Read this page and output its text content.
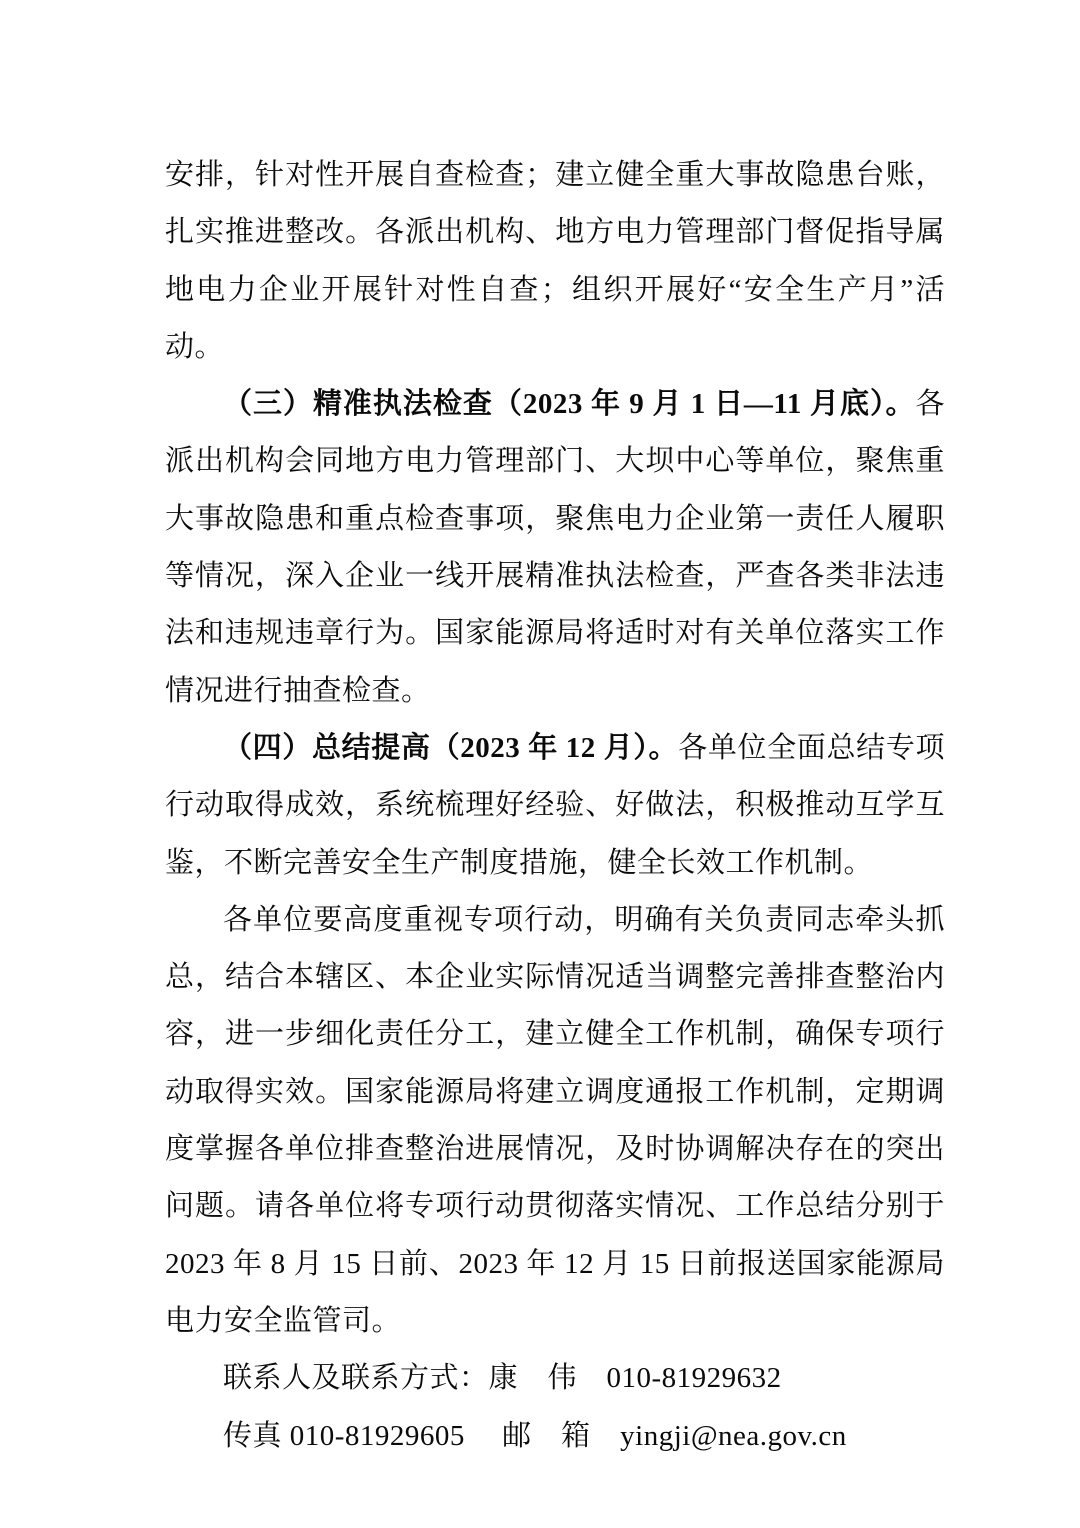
安排，针对性开展自查检查；建立健全重大事故隐患台账，扎实推进整改。各派出机构、地方电力管理部门督促指导属地电力企业开展针对性自查；组织开展好“安全生产月”活动。

（三）精准执法检查（2023 年 9 月 1 日—11 月底）。各派出机构会同地方电力管理部门、大坝中心等单位，聚焦重大事故隐患和重点检查事项，聚焦电力企业第一责任人履职等情况，深入企业一线开展精准执法检查，严查各类非法违法和违规违章行为。国家能源局将适时对有关单位落实工作情况进行抽查检查。

（四）总结提高（2023 年 12 月）。各单位全面总结专项行动取得成效，系统梳理好经验、好做法，积极推动互学互鉴，不断完善安全生产制度措施，健全长效工作机制。

各单位要高度重视专项行动，明确有关负责同志牵头抓总，结合本辖区、本企业实际情况适当调整完善排查整治内容，进一步细化责任分工，建立健全工作机制，确保专项行动取得实效。国家能源局将建立调度通报工作机制，定期调度掌握各单位排查整治进展情况，及时协调解决存在的突出问题。请各单位将专项行动贯彻落实情况、工作总结分别于 2023 年 8 月 15 日前、2023 年 12 月 15 日前报送国家能源局电力安全监管司。

联系人及联系方式：康　伟　010-81929632

传真 010-81929605　 邮　箱　yingji@nea.gov.cn
